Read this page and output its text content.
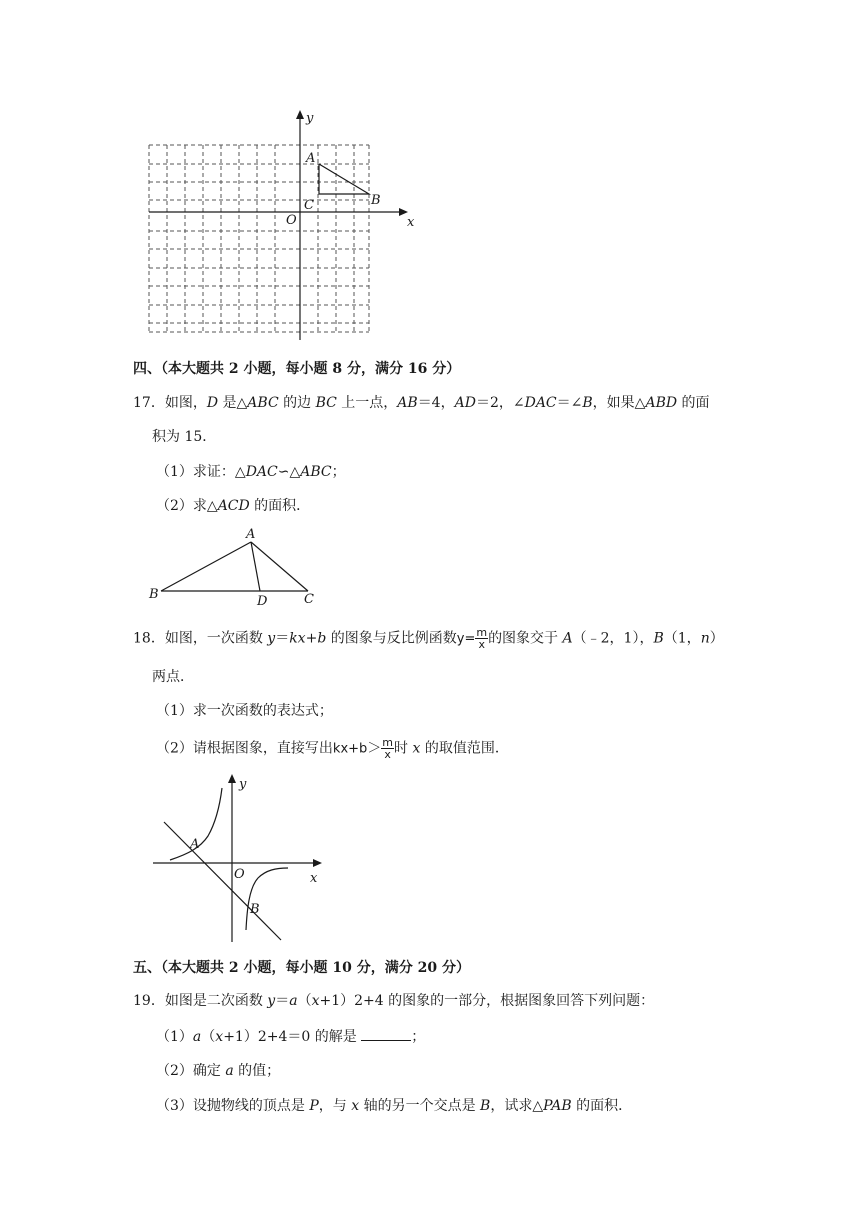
y
x
O
A
B
C
四、（本大题共 2 小题，每小题 8 分，满分 16 分）
17．如图，D 是△ABC 的边 BC 上一点，AB＝4，AD＝2，∠DAC＝∠B，如果△ABD 的面
积为 15．
（1）求证：△DAC∽△ABC；
（2）求△ACD 的面积．
A
B	D	C
18．如图，一次函数 y＝kx+b 的图象与反比例函数$y= \frac{m}{x}$ 的图象交于 A（﹣2，1），B（1，n）
两点．
（1）求一次函数的表达式；
（2）请根据图象，直接写出$kx+b> \frac{m}{x}$ 时 x 的取值范围．
y
x
O
A
B
五、（本大题共 2 小题，每小题 10 分，满分 20 分）
19．如图是二次函数 y＝a（x+1）2+4 的图象的一部分，根据图象回答下列问题：
（1）a（x+1）2+4＝0 的解是	；
（2）确定 a 的值；
（3）设抛物线的顶点是 P，与 x 轴的另一个交点是 B，试求△PAB 的面积．
